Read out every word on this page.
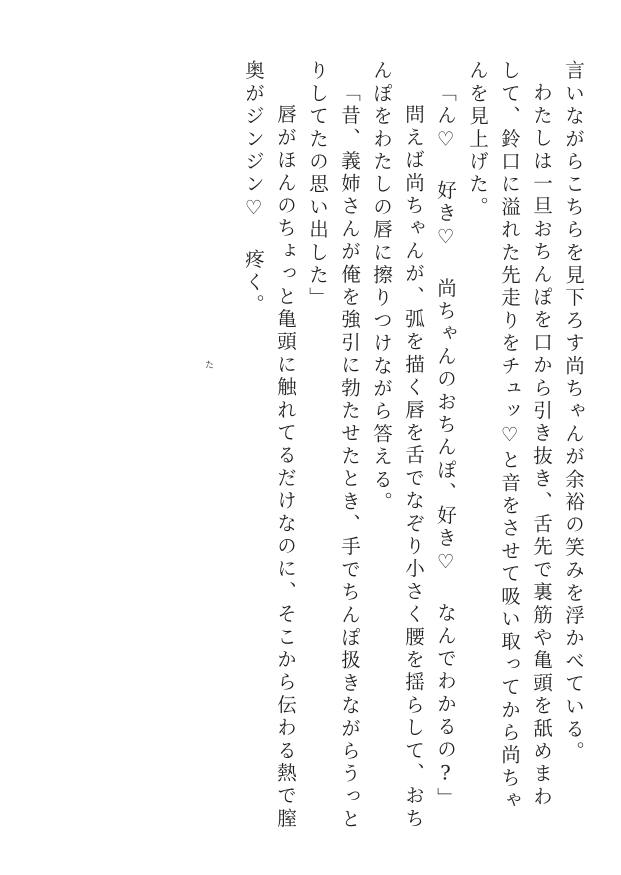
言いながらこちらを見下ろす尚ちゃんが余裕の笑みを浮かべている。
わたしは一旦おちんぽを口から引き抜き、舌先で裏筋や亀頭を舐めまわ
して、鈴口に溢れた先走りをチュッ♡と音をさせて吸い取ってから尚ちゃ
んを見上げた。
「ん♡ 好き♡ 尚ちゃんのおちんぽ、好き♡ なんでわかるの?」
問えば尚ちゃんが、弧を描く唇を舌でなぞり小さく腰を揺らして、おち
んぽをわたしの唇に擦りつけながら答える。
「昔、義姉さんが俺を強引に勃たせたとき、手でちんぽ扱きながらうっと
りしてたの思い出した」
唇がほんのちょっと亀頭に触れてるだけなのに、そこから伝わる熱で膣
奥がジンジン♡ 疼く。
た
